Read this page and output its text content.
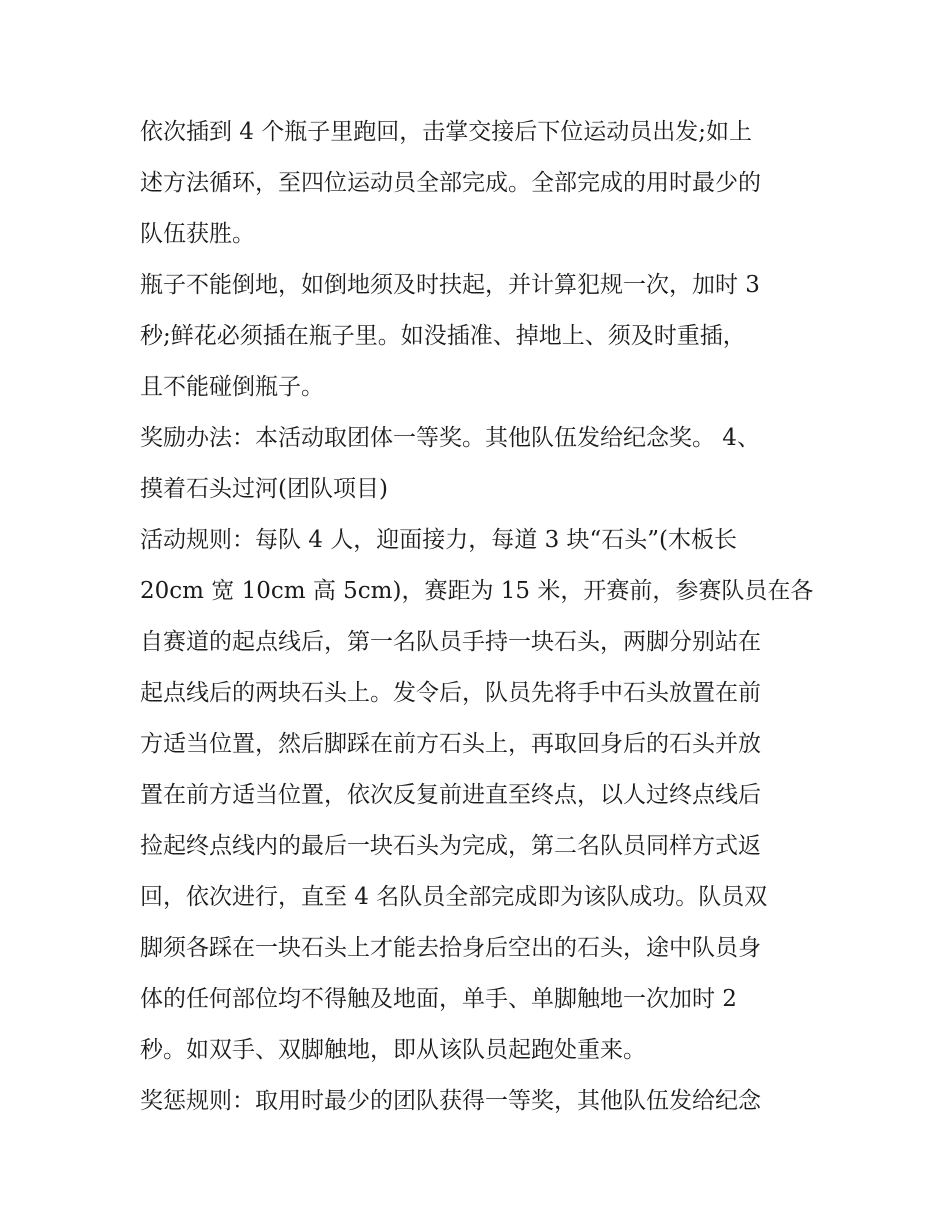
依次插到 4 个瓶子里跑回，击掌交接后下位运动员出发;如上
述方法循环，至四位运动员全部完成。全部完成的用时最少的
队伍获胜。
瓶子不能倒地，如倒地须及时扶起，并计算犯规一次，加时 3
秒;鲜花必须插在瓶子里。如没插准、掉地上、须及时重插，
且不能碰倒瓶子。
奖励办法：本活动取团体一等奖。其他队伍发给纪念奖。 4、
摸着石头过河(团队项目)
活动规则：每队 4 人，迎面接力，每道 3 块“石头”(木板长
20cm 宽 10cm 高 5cm)，赛距为 15 米，开赛前，参赛队员在各
自赛道的起点线后，第一名队员手持一块石头，两脚分别站在
起点线后的两块石头上。发令后，队员先将手中石头放置在前
方适当位置，然后脚踩在前方石头上，再取回身后的石头并放
置在前方适当位置，依次反复前进直至终点，以人过终点线后
捡起终点线内的最后一块石头为完成，第二名队员同样方式返
回，依次进行，直至 4 名队员全部完成即为该队成功。队员双
脚须各踩在一块石头上才能去拾身后空出的石头，途中队员身
体的任何部位均不得触及地面，单手、单脚触地一次加时 2
秒。如双手、双脚触地，即从该队员起跑处重来。
奖惩规则：取用时最少的团队获得一等奖，其他队伍发给纪念
